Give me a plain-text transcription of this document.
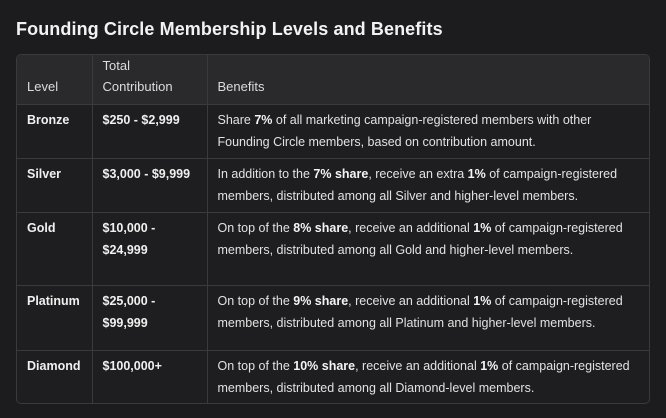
Founding Circle Membership Levels and Benefits
Level	Total Contribution	Benefits
Bronze	$250 - $2,999	Share 7% of all marketing campaign-registered members with other Founding Circle members, based on contribution amount.
Silver	$3,000 - $9,999	In addition to the 7% share, receive an extra 1% of campaign-registered members, distributed among all Silver and higher-level members.
Gold	$10,000 - $24,999	On top of the 8% share, receive an additional 1% of campaign-registered members, distributed among all Gold and higher-level members.
Platinum	$25,000 - $99,999	On top of the 9% share, receive an additional 1% of campaign-registered members, distributed among all Platinum and higher-level members.
Diamond	$100,000+	On top of the 10% share, receive an additional 1% of campaign-registered members, distributed among all Diamond-level members.
